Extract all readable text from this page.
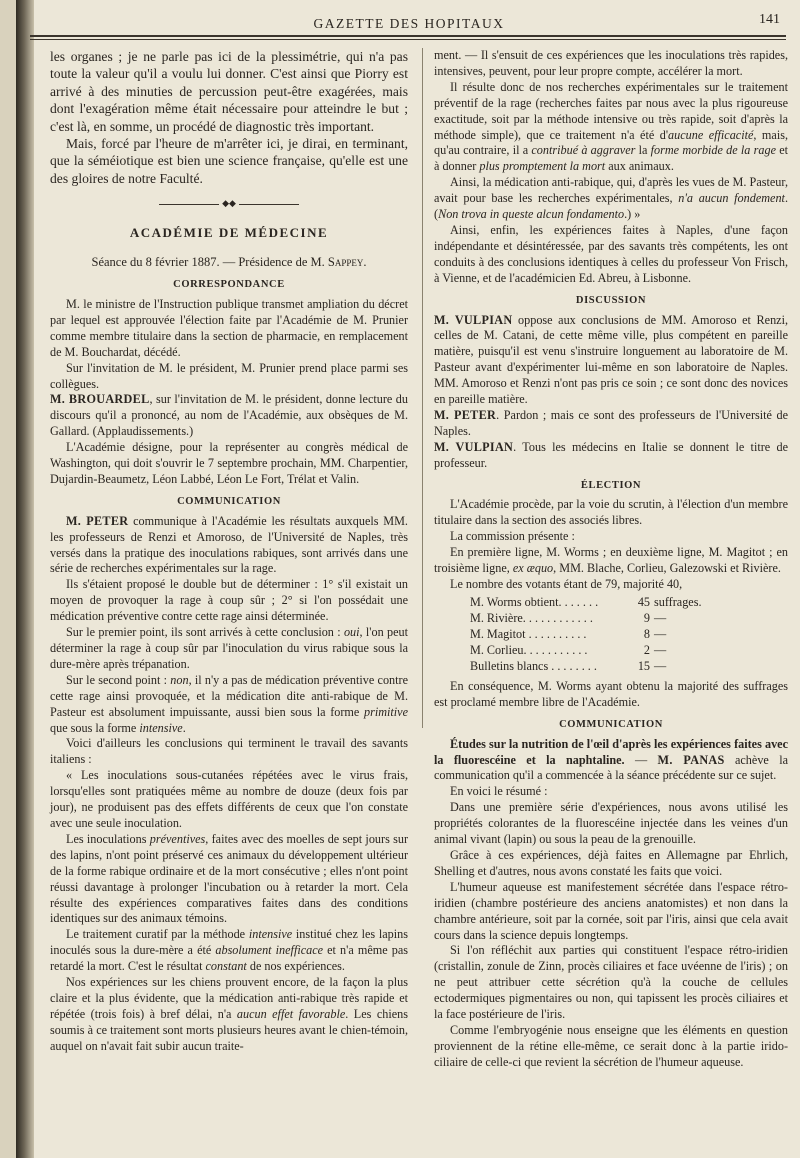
GAZETTE DES HOPITAUX	141

les organes ; je ne parle pas ici de la plessimétrie, qui n'a pas toute la valeur qu'il a voulu lui donner. C'est ainsi que Piorry est arrivé à des minuties de percussion peut-être exagérées, mais dont l'exagération même était nécessaire pour atteindre le but ; c'est là, en somme, un procédé de diagnostic très important.

Mais, forcé par l'heure de m'arrêter ici, je dirai, en terminant, que la séméiotique est bien une science française, qu'elle est une des gloires de notre Faculté.

◆◆
ACADÉMIE DE MÉDECINE

Séance du 8 février 1887. — Présidence de M. Sappey.

CORRESPONDANCE

M. le ministre de l'Instruction publique transmet ampliation du décret par lequel est approuvée l'élection faite par l'Académie de M. Prunier comme membre titulaire dans la section de pharmacie, en remplacement de M. Bouchardat, décédé.

Sur l'invitation de M. le président, M. Prunier prend place parmi ses collègues.

M. BROUARDEL, sur l'invitation de M. le président, donne lecture du discours qu'il a prononcé, au nom de l'Académie, aux obsèques de M. Gallard. (Applaudissements.)

L'Académie désigne, pour la représenter au congrès médical de Washington, qui doit s'ouvrir le 7 septembre prochain, MM. Charpentier, Dujardin-Beaumetz, Léon Labbé, Léon Le Fort, Trélat et Valin.

COMMUNICATION

M. PETER communique à l'Académie les résultats auxquels MM. les professeurs de Renzi et Amoroso, de l'Université de Naples, très versés dans la pratique des inoculations rabiques, sont arrivés dans une série de recherches expérimentales sur la rage.

Ils s'étaient proposé le double but de déterminer : 1° s'il existait un moyen de provoquer la rage à coup sûr ; 2° si l'on possédait une médication préventive contre cette rage ainsi déterminée.

Sur le premier point, ils sont arrivés à cette conclusion : oui, l'on peut déterminer la rage à coup sûr par l'inoculation du virus rabique sous la dure-mère après trépanation.

Sur le second point : non, il n'y a pas de médication préventive contre cette rage ainsi provoquée, et la médication dite anti-rabique de M. Pasteur est absolument impuissante, aussi bien sous la forme primitive que sous la forme intensive.

Voici d'ailleurs les conclusions qui terminent le travail des savants italiens :

« Les inoculations sous-cutanées répétées avec le virus frais, lorsqu'elles sont pratiquées même au nombre de douze (deux fois par jour), ne produisent pas des effets différents de ceux que l'on constate avec une seule inoculation.

Les inoculations préventives, faites avec des moelles de sept jours sur des lapins, n'ont point préservé ces animaux du développement ultérieur de la forme rabique ordinaire et de la mort consécutive ; elles n'ont point réussi davantage à prolonger l'incubation ou à retarder la mort. Cela résulte des expériences comparatives faites dans des conditions identiques sur des animaux témoins.

Le traitement curatif par la méthode intensive institué chez les lapins inoculés sous la dure-mère a été absolument inefficace et n'a même pas retardé la mort. C'est le résultat constant de nos expériences.

Nos expériences sur les chiens prouvent encore, de la façon la plus claire et la plus évidente, que la médication anti-rabique très rapide et répétée (trois fois) à bref délai, n'a aucun effet favorable. Les chiens soumis à ce traitement sont morts plusieurs heures avant le chien-témoin, auquel on n'avait fait subir aucun traite-

ment. — Il s'ensuit de ces expériences que les inoculations très rapides, intensives, peuvent, pour leur propre compte, accélérer la mort.

Il résulte donc de nos recherches expérimentales sur le traitement préventif de la rage (recherches faites par nous avec la plus rigoureuse exactitude, soit par la méthode intensive ou très rapide, soit d'après la méthode simple), que ce traitement n'a été d'aucune efficacité, mais, qu'au contraire, il a contribué à aggraver la forme morbide de la rage et à donner plus promptement la mort aux animaux.

Ainsi, la médication anti-rabique, qui, d'après les vues de M. Pasteur, avait pour base les recherches expérimentales, n'a aucun fondement. (Non trova in queste alcun fondamento.) »

Ainsi, enfin, les expériences faites à Naples, d'une façon indépendante et désintéressée, par des savants très compétents, les ont conduits à des conclusions identiques à celles du professeur Von Frisch, à Vienne, et de l'académicien Ed. Abreu, à Lisbonne.

DISCUSSION

M. VULPIAN oppose aux conclusions de MM. Amoroso et Renzi, celles de M. Catani, de cette même ville, plus compétent en pareille matière, puisqu'il est venu s'instruire longuement au laboratoire de M. Pasteur avant d'expérimenter lui-même en son laboratoire de Naples. MM. Amoroso et Renzi n'ont pas pris ce soin ; ce sont donc des novices en pareille matière.

M. PETER. Pardon ; mais ce sont des professeurs de l'Université de Naples.

M. VULPIAN. Tous les médecins en Italie se donnent le titre de professeur.

ÉLECTION

L'Académie procède, par la voie du scrutin, à l'élection d'un membre titulaire dans la section des associés libres.

La commission présente :

En première ligne, M. Worms ; en deuxième ligne, M. Magitot ; en troisième ligne, ex æquo, MM. Blache, Corlieu, Galezowski et Rivière.

Le nombre des votants étant de 79, majorité 40,

M. Worms obtient. . . . . . .	45	suffrages.
M. Rivière. . . . . . . . . . . .	9	—
M. Magitot . . . . . . . . . .	8	—
M. Corlieu. . . . . . . . . . .	2	—
Bulletins blancs . . . . . . . .	15	—

En conséquence, M. Worms ayant obtenu la majorité des suffrages est proclamé membre libre de l'Académie.

COMMUNICATION

Études sur la nutrition de l'œil d'après les expériences faites avec la fluorescéine et la naphtaline. — M. PANAS achève la communication qu'il a commencée à la séance précédente sur ce sujet.

En voici le résumé :

Dans une première série d'expériences, nous avons utilisé les propriétés colorantes de la fluorescéine injectée dans les veines d'un animal vivant (lapin) ou sous la peau de la grenouille.

Grâce à ces expériences, déjà faites en Allemagne par Ehrlich, Shelling et d'autres, nous avons constaté les faits que voici.

L'humeur aqueuse est manifestement sécrétée dans l'espace rétro-iridien (chambre postérieure des anciens anatomistes) et non dans la chambre antérieure, soit par la cornée, soit par l'iris, ainsi que cela avait cours dans la science depuis longtemps.

Si l'on réfléchit aux parties qui constituent l'espace rétro-iridien (cristallin, zonule de Zinn, procès ciliaires et face uvéenne de l'iris) ; on ne peut attribuer cette sécrétion qu'à la couche de cellules ectodermiques pigmentaires ou non, qui tapissent les procès ciliaires et la face postérieure de l'iris.

Comme l'embryogénie nous enseigne que les éléments en question proviennent de la rétine elle-même, ce serait donc à la partie irido-ciliaire de celle-ci que revient la sécrétion de l'humeur aqueuse.
